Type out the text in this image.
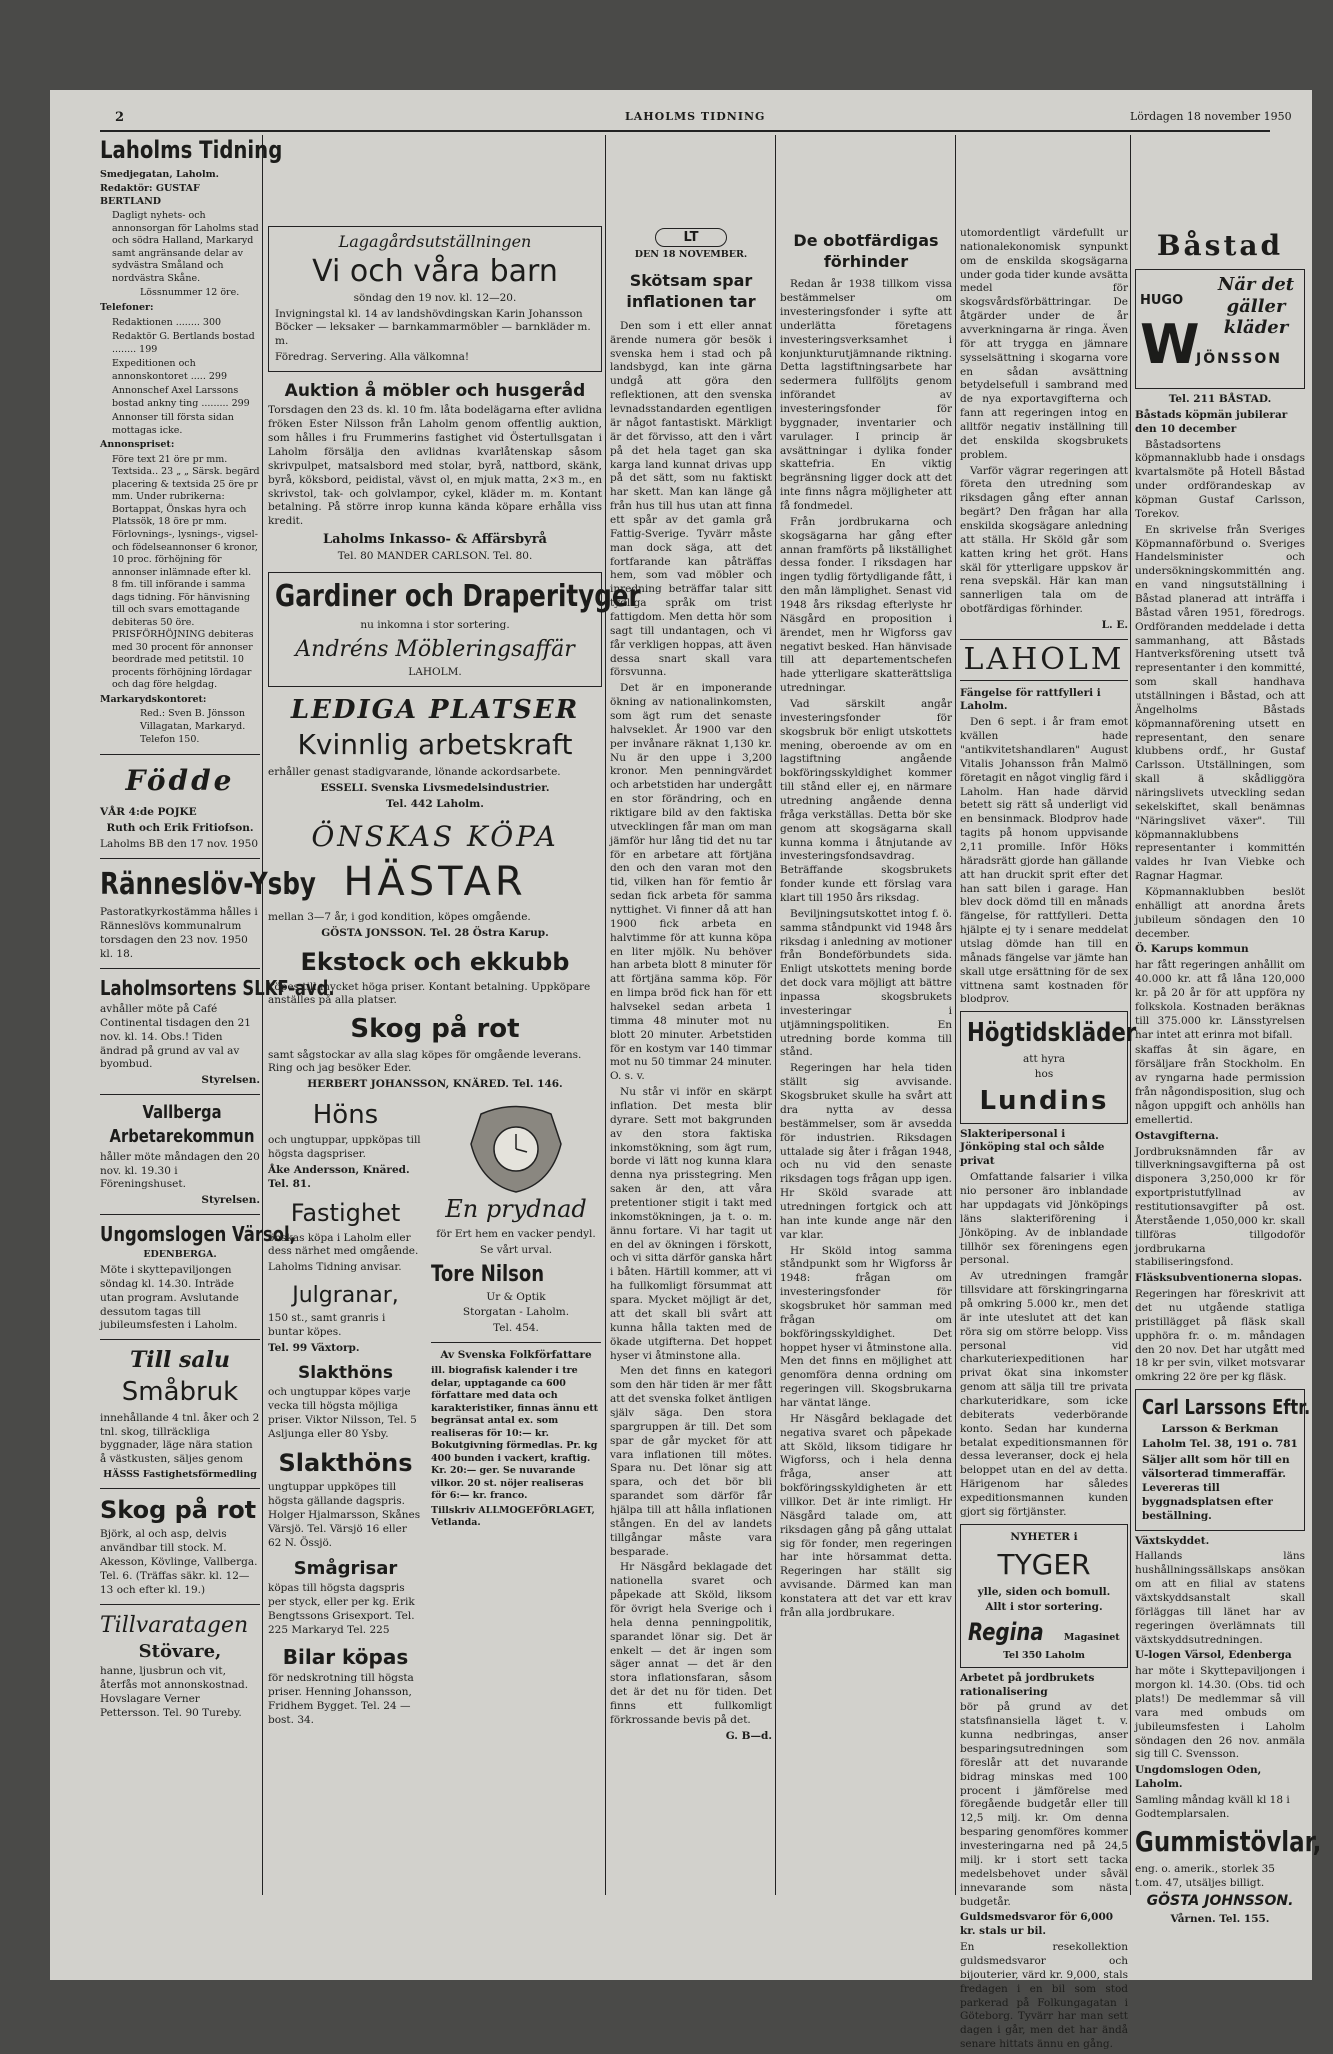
2	LAHOLMS TIDNING	Lördagen 18 november 1950
Laholms Tidning

Smedjegatan, Laholm.

Redaktör: GUSTAF BERTLAND

Dagligt nyhets- och annonsorgan för Laholms stad och södra Halland, Markaryd samt angränsande delar av sydvästra Småland och nordvästra Skåne.

Lössnummer 12 öre.

Telefoner:

Redaktionen ........ 300

Redaktör G. Bertlands bostad ........ 199

Expeditionen och annonskontoret ..... 299

Annonschef Axel Larssons bostad ankny ting ......... 299

Annonser till första sidan mottagas icke.

Annonspriset:

Före text 21 öre pr mm. Textsida.. 23 „ „ Särsk. begärd placering & textsida 25 öre pr mm. Under rubrikerna: Bortappat, Önskas hyra och Platssök, 18 öre pr mm. Förlovnings-, lysnings-, vigsel- och födelseannonser 6 kronor, 10 proc. förhöjning för annonser inlämnade efter kl. 8 fm. till införande i samma dags tidning. För hänvisning till och svars emottagande debiteras 50 öre. PRISFÖRHÖJNING debiteras med 30 procent för annonser beordrade med petitstil. 10 procents förhöjning lördagar och dag före helgdag.

Markarydskontoret:

Red.: Sven B. Jönsson Villagatan, Markaryd. Telefon 150.

Födde

VÅR 4:de POJKE

Ruth och Erik Fritiofson.

Laholms BB den 17 nov. 1950

Ränneslöv-Ysby

Pastoratkyrkostämma hålles i Ränneslövs kommunalrum torsdagen den 23 nov. 1950 kl. 18.

Laholmsortens SLKF-avd.

avhåller möte på Café Continental tisdagen den 21 nov. kl. 14. Obs.! Tiden ändrad på grund av val av byombud.

Styrelsen.

Vallberga Arbetarekommun

håller möte måndagen den 20 nov. kl. 19.30 i Föreningshuset.

Styrelsen.

Ungomslogen Värsol,

EDENBERGA.

Möte i skyttepaviljongen söndag kl. 14.30. Inträde utan program. Avslutande dessutom tagas till jubileumsfesten i Laholm.

Till salu
Småbruk

innehållande 4 tnl. åker och 2 tnl. skog, tillräckliga byggnader, läge nära station å västkusten, säljes genom

HÄSSS Fastighetsförmedling

Skog på rot

Björk, al och asp, delvis användbar till stock. M. Akesson, Kövlinge, Vallberga. Tel. 6. (Träffas säkr. kl. 12—13 och efter kl. 19.)

Tillvaratagen
Stövare,

hanne, ljusbrun och vit, återfås mot annonskostnad. Hovslagare Verner Pettersson. Tel. 90 Tureby.

Lagagårdsutställningen
Vi och våra barn
söndag den 19 nov. kl. 12—20.

Invigningstal kl. 14 av landshövdingskan Karin Johansson Böcker — leksaker — barnkammarmöbler — barnkläder m. m.

Föredrag. Servering. Alla välkomna!

Auktion å möbler och husgeråd

Torsdagen den 23 ds. kl. 10 fm. låta bodelägarna efter avlidna fröken Ester Nilsson från Laholm genom offentlig auktion, som hålles i fru Frummerins fastighet vid Östertullsgatan i Laholm försälja den avlidnas kvarlåtenskap såsom skrivpulpet, matsalsbord med stolar, byrå, nattbord, skänk, byrå, köksbord, peidistal, vävst ol, en mjuk matta, 2×3 m., en skrivstol, tak- och golvlampor, cykel, kläder m. m. Kontant betalning. På större inrop kunna kända köpare erhålla viss kredit.

Laholms Inkasso- & Affärsbyrå

Tel. 80 MANDER CARLSON. Tel. 80.

Gardiner och Draperityger

nu inkomna i stor sortering.

Andréns Möbleringsaffär

LAHOLM.

LEDIGA PLATSER
Kvinnlig arbetskraft

erhåller genast stadigvarande, lönande ackordsarbete.

ESSELI. Svenska Livsmedelsindustrier.

Tel. 442 Laholm.

ÖNSKAS KÖPA
HÄSTAR

mellan 3—7 år, i god kondition, köpes omgående.

GÖSTA JONSSON. Tel. 28 Östra Karup.

Ekstock och ekkubb

köpes till mycket höga priser. Kontant betalning. Uppköpare anställes på alla platser.

Skog på rot

samt sågstockar av alla slag köpes för omgående leverans. Ring och jag besöker Eder.

HERBERT JOHANSSON, KNÄRED. Tel. 146.

Höns

och ungtuppar, uppköpas till högsta dagspriser.

Åke Andersson, Knäred. Tel. 81.

Fastighet

önskas köpa i Laholm eller dess närhet med omgående.

Laholms Tidning anvisar.

Julgranar,

150 st., samt granris i buntar köpes.

Tel. 99 Växtorp.

Slakthöns

och ungtuppar köpes varje vecka till högsta möjliga priser. Viktor Nilsson, Tel. 5 Asljunga eller 80 Ysby.

Slakthöns

ungtuppar uppköpes till högsta gällande dagspris. Holger Hjalmarsson, Skånes Värsjö. Tel. Värsjö 16 eller 62 N. Össjö.

Smågrisar

köpas till högsta dagspris per styck, eller per kg. Erik Bengtssons Grisexport. Tel. 225 Markaryd Tel. 225

Bilar köpas

för nedskrotning till högsta priser. Henning Johansson, Fridhem Bygget. Tel. 24 — bost. 34.

En prydnad

för Ert hem en vacker pendyl.

Se vårt urval.

Tore Nilson

Ur & Optik

Storgatan - Laholm.

Tel. 454.

Av Svenska Folkförfattare

ill. biografisk kalender i tre delar, upptagande ca 600 författare med data och karakteristiker, finnas ännu ett begränsat antal ex. som realiseras för 10:— kr. Bokutgivning förmedlas. Pr. kg 400 bunden i vackert, kraftig. Kr. 20:— ger. Se nuvarande vilkor. 20 st. nöjer realiseras för 6:— kr. franco.

Tillskriv ALLMOGEFÖRLAGET, Vetlanda.

LT

DEN 18 NOVEMBER.

Skötsam spar inflationen tar

Den som i ett eller annat ärende numera gör besök i svenska hem i stad och på landsbygd, kan inte gärna undgå att göra den reflektionen, att den svenska levnadsstandarden egentligen är något fantastiskt. Märkligt är det förvisso, att den i vårt på det hela taget gan ska karga land kunnat drivas upp på det sätt, som nu faktiskt har skett. Man kan länge gå från hus till hus utan att finna ett spår av det gamla grå Fattig-Sverige. Tyvärr måste man dock säga, att det fortfarande kan påträffas hem, som vad möbler och inredning beträffar talar sitt tydliga språk om trist fattigdom. Men detta hör som sagt till undantagen, och vi får verkligen hoppas, att även dessa snart skall vara försvunna.

Det är en imponerande ökning av nationalinkomsten, som ägt rum det senaste halvseklet. År 1900 var den per invånare räknat 1,130 kr. Nu är den uppe i 3,200 kronor. Men penningvärdet och arbetstiden har undergått en stor förändring, och en riktigare bild av den faktiska utvecklingen får man om man jämför hur lång tid det nu tar för en arbetare att förtjäna den och den varan mot den tid, vilken han för femtio år sedan fick arbeta för samma nyttighet. Vi finner då att han 1900 fick arbeta en halvtimme för att kunna köpa en liter mjölk. Nu behöver han arbeta blott 8 minuter för att förtjäna samma köp. För en limpa bröd fick han för ett halvsekel sedan arbeta 1 timma 48 minuter mot nu blott 20 minuter. Arbetstiden för en kostym var 140 timmar mot nu 50 timmar 24 minuter. O. s. v.

Nu står vi inför en skärpt inflation. Det mesta blir dyrare. Sett mot bakgrunden av den stora faktiska inkomstökning, som ägt rum, borde vi lätt nog kunna klara denna nya prisstegring. Men saken är den, att våra pretentioner stigit i takt med inkomstökningen, ja t. o. m. ännu fortare. Vi har tagit ut en del av ökningen i förskott, och vi sitta därför ganska hårt i båten. Härtill kommer, att vi ha fullkomligt försummat att spara. Mycket möjligt är det, att det skall bli svårt att kunna hålla takten med de ökade utgifterna. Det hoppet hyser vi åtminstone alla.

Men det finns en kategori som den här tiden är mer fått att det svenska folket äntligen själv säga. Den stora spargruppen är till. Det som spar de går mycket för att vara inflationen till mötes. Spara nu. Det lönar sig att spara, och det bör bli sparandet som därför får hjälpa till att hålla inflationen stången. En del av landets tillgångar måste vara besparade.

Hr Näsgård beklagade det nationella svaret och påpekade att Sköld, liksom för övrigt hela Sverige och i hela denna penningpolitik, sparandet lönar sig. Det är enkelt — det är ingen som säger annat — det är den stora inflationsfaran, såsom det är det nu för tiden. Det finns ett fullkomligt förkrossande bevis på det.

G. B—d.

De obotfärdigas förhinder

Redan år 1938 tillkom vissa bestämmelser om investeringsfonder i syfte att underlätta företagens investeringsverksamhet i konjunkturutjämnande riktning. Detta lagstiftningsarbete har sedermera fullföljts genom införandet av investeringsfonder för byggnader, inventarier och varulager. I princip är avsättningar i dylika fonder skattefria. En viktig begränsning ligger dock att det inte finns några möjligheter att få fondmedel.

Från jordbrukarna och skogsägarna har gång efter annan framförts på likställighet dessa fonder. I riksdagen har ingen tydlig förtydligande fått, i den mån lämplighet. Senast vid 1948 års riksdag efterlyste hr Näsgård en proposition i ärendet, men hr Wigforss gav negativt besked. Han hänvisade till att departementschefen hade ytterligare skatterättsliga utredningar.

Vad särskilt angår investeringsfonder för skogsbruk bör enligt utskottets mening, oberoende av om en lagstiftning angående bokföringsskyldighet kommer till stånd eller ej, en närmare utredning angående denna fråga verkställas. Detta bör ske genom att skogsägarna skall kunna komma i åtnjutande av investeringsfondsavdrag. Beträffande skogsbrukets fonder kunde ett förslag vara klart till 1950 års riksdag.

Beviljningsutskottet intog f. ö. samma ståndpunkt vid 1948 års riksdag i anledning av motioner från Bondeförbundets sida. Enligt utskottets mening borde det dock vara möjligt att bättre inpassa skogsbrukets investeringar i utjämningspolitiken. En utredning borde komma till stånd.

Regeringen har hela tiden ställt sig avvisande. Skogsbruket skulle ha svårt att dra nytta av dessa bestämmelser, som är avsedda för industrien. Riksdagen uttalade sig åter i frågan 1948, och nu vid den senaste riksdagen togs frågan upp igen. Hr Sköld svarade att utredningen fortgick och att han inte kunde ange när den var klar.

Hr Sköld intog samma ståndpunkt som hr Wigforss år 1948: frågan om investeringsfonder för skogsbruket hör samman med frågan om bokföringsskyldighet. Det hoppet hyser vi åtminstone alla. Men det finns en möjlighet att genomföra denna ordning om regeringen vill. Skogsbrukarna har väntat länge.

Hr Näsgård beklagade det negativa svaret och påpekade att Sköld, liksom tidigare hr Wigforss, och i hela denna fråga, anser att bokföringsskyldigheten är ett villkor. Det är inte rimligt. Hr Näsgård talade om, att riksdagen gång på gång uttalat sig för fonder, men regeringen har inte hörsammat detta. Regeringen har ställt sig avvisande. Därmed kan man konstatera att det var ett krav från alla jordbrukare.

utomordentligt värdefullt ur nationalekonomisk synpunkt om de enskilda skogsägarna under goda tider kunde avsätta medel för skogsvårdsförbättringar. De åtgärder under de år avverkningarna är ringa. Även för att trygga en jämnare sysselsättning i skogarna vore en sådan avsättning betydelsefull i sambrand med de nya exportavgifterna och fann att regeringen intog en alltför negativ inställning till det enskilda skogsbrukets problem.

Varför vägrar regeringen att företa den utredning som riksdagen gång efter annan begärt? Den frågan har alla enskilda skogsägare anledning att ställa. Hr Sköld går som katten kring het gröt. Hans skäl för ytterligare uppskov är rena svepskäl. Här kan man sannerligen tala om de obotfärdigas förhinder.

L. E.

LAHOLM

Fängelse för rattfylleri i Laholm.

Den 6 sept. i år fram emot kvällen hade "antikvitetshandlaren" August Vitalis Johansson från Malmö företagit en något vinglig färd i Laholm. Han hade därvid betett sig rätt så underligt vid en bensinmack. Blodprov hade tagits på honom uppvisande 2,11 promille. Inför Höks häradsrätt gjorde han gällande att han druckit sprit efter det han satt bilen i garage. Han blev dock dömd till en månads fängelse, för rattfylleri. Detta hjälpte ej ty i senare meddelat utslag dömde han till en månads fängelse var jämte han skall utge ersättning för de sex vittnena samt kostnaden för blodprov.

Högtidskläder

att hyra

hos

Lundins

Slakteripersonal i Jönköping stal och sålde privat

Omfattande falsarier i vilka nio personer äro inblandade har uppdagats vid Jönköpings läns slakteriförening i Jönköping. Av de inblandade tillhör sex föreningens egen personal.

Av utredningen framgår tillsvidare att förskingringarna på omkring 5.000 kr., men det är inte uteslutet att det kan röra sig om större belopp. Viss personal vid charkuteriexpeditionen har privat ökat sina inkomster genom att sälja till tre privata charkuteridkare, som icke debiterats vederbörande konto. Sedan har kunderna betalat expeditionsmannen för dessa leveranser, dock ej hela beloppet utan en del av detta. Härigenom har således expeditionsmannen kunden gjort sig förtjänster.

NYHETER i

TYGER

ylle, siden och bomull.

Allt i stor sortering.

Regina Magasinet Tel 350 Laholm

Arbetet på jordbrukets rationalisering

bör på grund av det statsfinansiella läget t. v. kunna nedbringas, anser besparingsutredningen som föreslår att det nuvarande bidrag minskas med 100 procent i jämförelse med föregående budgetår eller till 12,5 milj. kr. Om denna besparing genomföres kommer investeringarna ned på 24,5 milj. kr i stort sett tacka medelsbehovet under såväl innevarande som nästa budgetår.

Guldsmedsvaror för 6,000 kr. stals ur bil.

En resekollektion guldsmedsvaror och bijouterier, värd kr. 9,000, stals fredagen i en bil som stod parkerad på Folkungagatan i Göteborg. Tyvärr har man sett dagen i går, men det har ändå senare hittats ännu en gång.

Båstad
HUGO
När det gäller kläder
W
JÖNSSON

Tel. 211 BÅSTAD.

Båstads köpmän jubilerar den 10 december

Båstadsortens köpmannaklubb hade i onsdags kvartalsmöte på Hotell Båstad under ordförandeskap av köpman Gustaf Carlsson, Torekov.

En skrivelse från Sveriges Köpmannaförbund o. Sveriges Handelsminister och undersökningskommittén ang. en vand ningsutställning i Båstad planerad att inträffa i Båstad våren 1951, föredrogs. Ordföranden meddelade i detta sammanhang, att Båstads Hantverksförening utsett två representanter i den kommitté, som skall handhava utställningen i Båstad, och att Ängelholms Båstads köpmannaförening utsett en representant, den senare klubbens ordf., hr Gustaf Carlsson. Utställningen, som skall ä skådliggöra näringslivets utveckling sedan sekelskiftet, skall benämnas "Näringslivet växer". Till köpmannaklubbens representanter i kommittén valdes hr Ivan Viebke och Ragnar Hagmar.

Köpmannaklubben beslöt enhälligt att anordna årets jubileum söndagen den 10 december.

Ö. Karups kommun

har fått regeringen anhållit om 40.000 kr. att få låna 120,000 kr. på 20 år för att uppföra ny folkskola. Kostnaden beräknas till 375.000 kr. Länsstyrelsen har intet att erinra mot bifall.

skaffas åt sin ägare, en försäljare från Stockholm. En av ryngarna hade permission från någondisposition, slug och någon uppgift och anhölls han emellertid.

Ostavgifterna.

Jordbruksnämnden får av tillverkningsavgifterna på ost disponera 3,250,000 kr för exportpristutfyllnad av restitutionsavgifter på ost. Återstående 1,050,000 kr. skall tillföras tillgodoför jordbrukarna stabiliseringsfond.

Fläsksubventionerna slopas.

Regeringen har föreskrivit att det nu utgående statliga pristillägget på fläsk skall upphöra fr. o. m. måndagen den 20 nov. Det har utgått med 18 kr per svin, vilket motsvarar omkring 22 öre per kg fläsk.

Carl Larssons Eftr.

Larsson & Berkman

Laholm Tel. 38, 191 o. 781

Säljer allt som hör till en välsorterad timmeraffär. Levereras till byggnadsplatsen efter beställning.

Växtskyddet.

Hallands läns hushållningssällskaps ansökan om att en filial av statens växtskyddsanstalt skall förläggas till länet har av regeringen överlämnats till växtskyddsutredningen.

U-logen Värsol, Edenberga

har möte i Skyttepaviljongen i morgon kl. 14.30. (Obs. tid och plats!) De medlemmar så vill vara med ombuds om jubileumsfesten i Laholm söndagen den 26 nov. anmäla sig till C. Svensson.

Ungdomslogen Oden, Laholm.

Samling måndag kväll kl 18 i Godtemplarsalen.

Gummistövlar,

eng. o. amerik., storlek 35 t.om. 47, utsäljes billigt.

GÖSTA JOHNSSON.

Vårnen. Tel. 155.
